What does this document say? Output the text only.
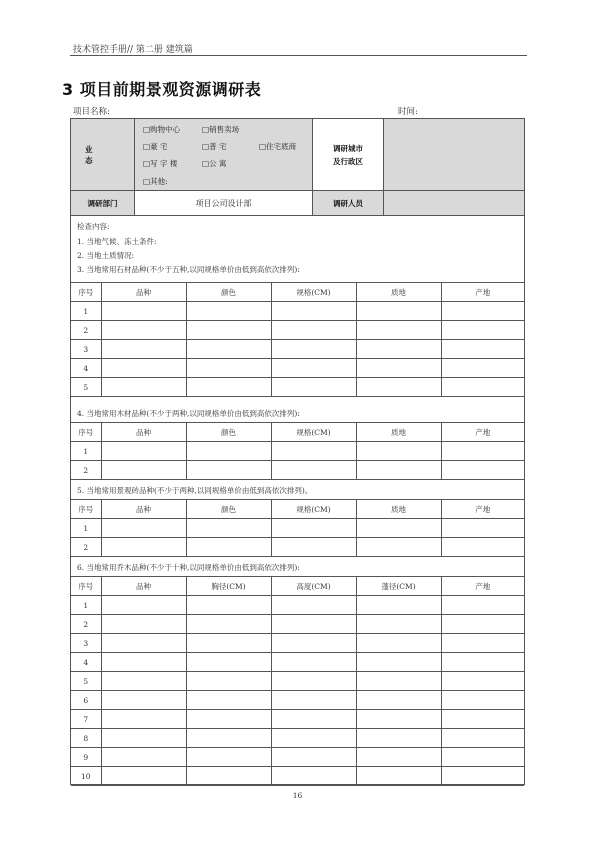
技术管控手册// 第二册 建筑篇
3 项目前期景观资源调研表
项目名称:	时间:
业 态
□购物中心	□销售卖场
□豪 宅	□普 宅	□住宅底商
□写 字 楼	□公 寓
□其他:
调研城市
及行政区
调研部门	项目公司设计部	调研人员
检查内容:
1. 当地气候、冻土条件:
2. 当地土质情况:
3. 当地常用石材品种(不少于五种,以同规格单价由低到高依次排列):
序号	品种	颜色	规格(CM)	质地	产地
1					
2					
3					
4					
5					
4. 当地常用木材品种(不少于两种,以同规格单价由低到高依次排列):
序号	品种	颜色	规格(CM)	质地	产地
1					
2					
5. 当地常用景观砖品种(不少于两种,以同规格单价由低到高依次排列)。
序号	品种	颜色	规格(CM)	质地	产地
1					
2					
6. 当地常用乔木品种(不少于十种,以同规格单价由低到高依次排列):
序号	品种	胸径(CM)	高度(CM)	蓬径(CM)	产地
1					
2					
3					
4					
5					
6					
7					
8					
9					
10					
16
